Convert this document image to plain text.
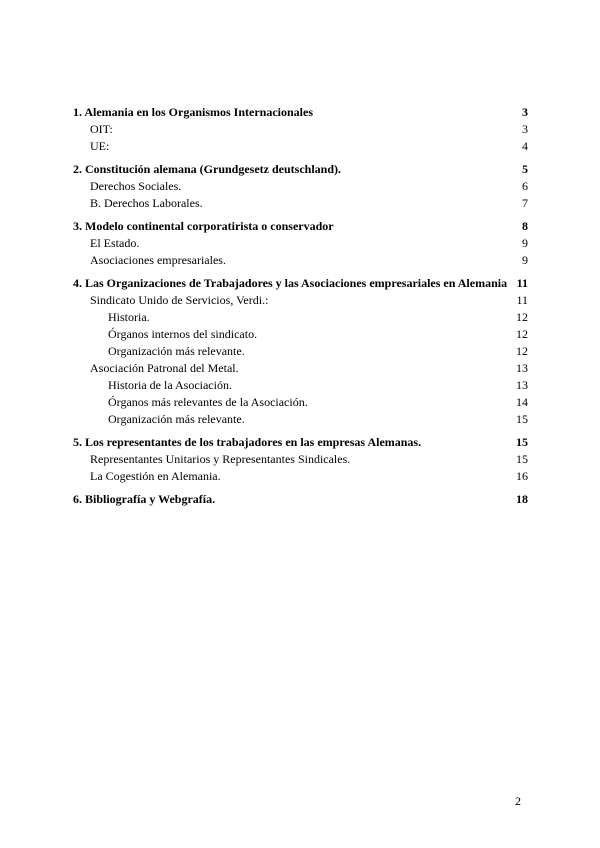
1. Alemania en los Organismos Internacionales	3
OIT:	3
UE:	4
2. Constitución alemana (Grundgesetz deutschland).	5
Derechos Sociales.	6
B. Derechos Laborales.	7
3. Modelo continental corporatirista o conservador	8
El Estado.	9
Asociaciones empresariales.	9
4. Las Organizaciones de Trabajadores y las Asociaciones empresariales en Alemania 11
Sindicato Unido de Servicios, Verdi.:	11
Historia.	12
Órganos internos del sindicato.	12
Organización más relevante.	12
Asociación Patronal del Metal.	13
Historia de la Asociación.	13
Órganos más relevantes de la Asociación.	14
Organización más relevante.	15
5. Los representantes de los trabajadores en las empresas Alemanas.	15
Representantes Unitarios y Representantes Sindicales.	15
La Cogestión en Alemania.	16
6. Bibliografía y Webgrafía.	18
2
